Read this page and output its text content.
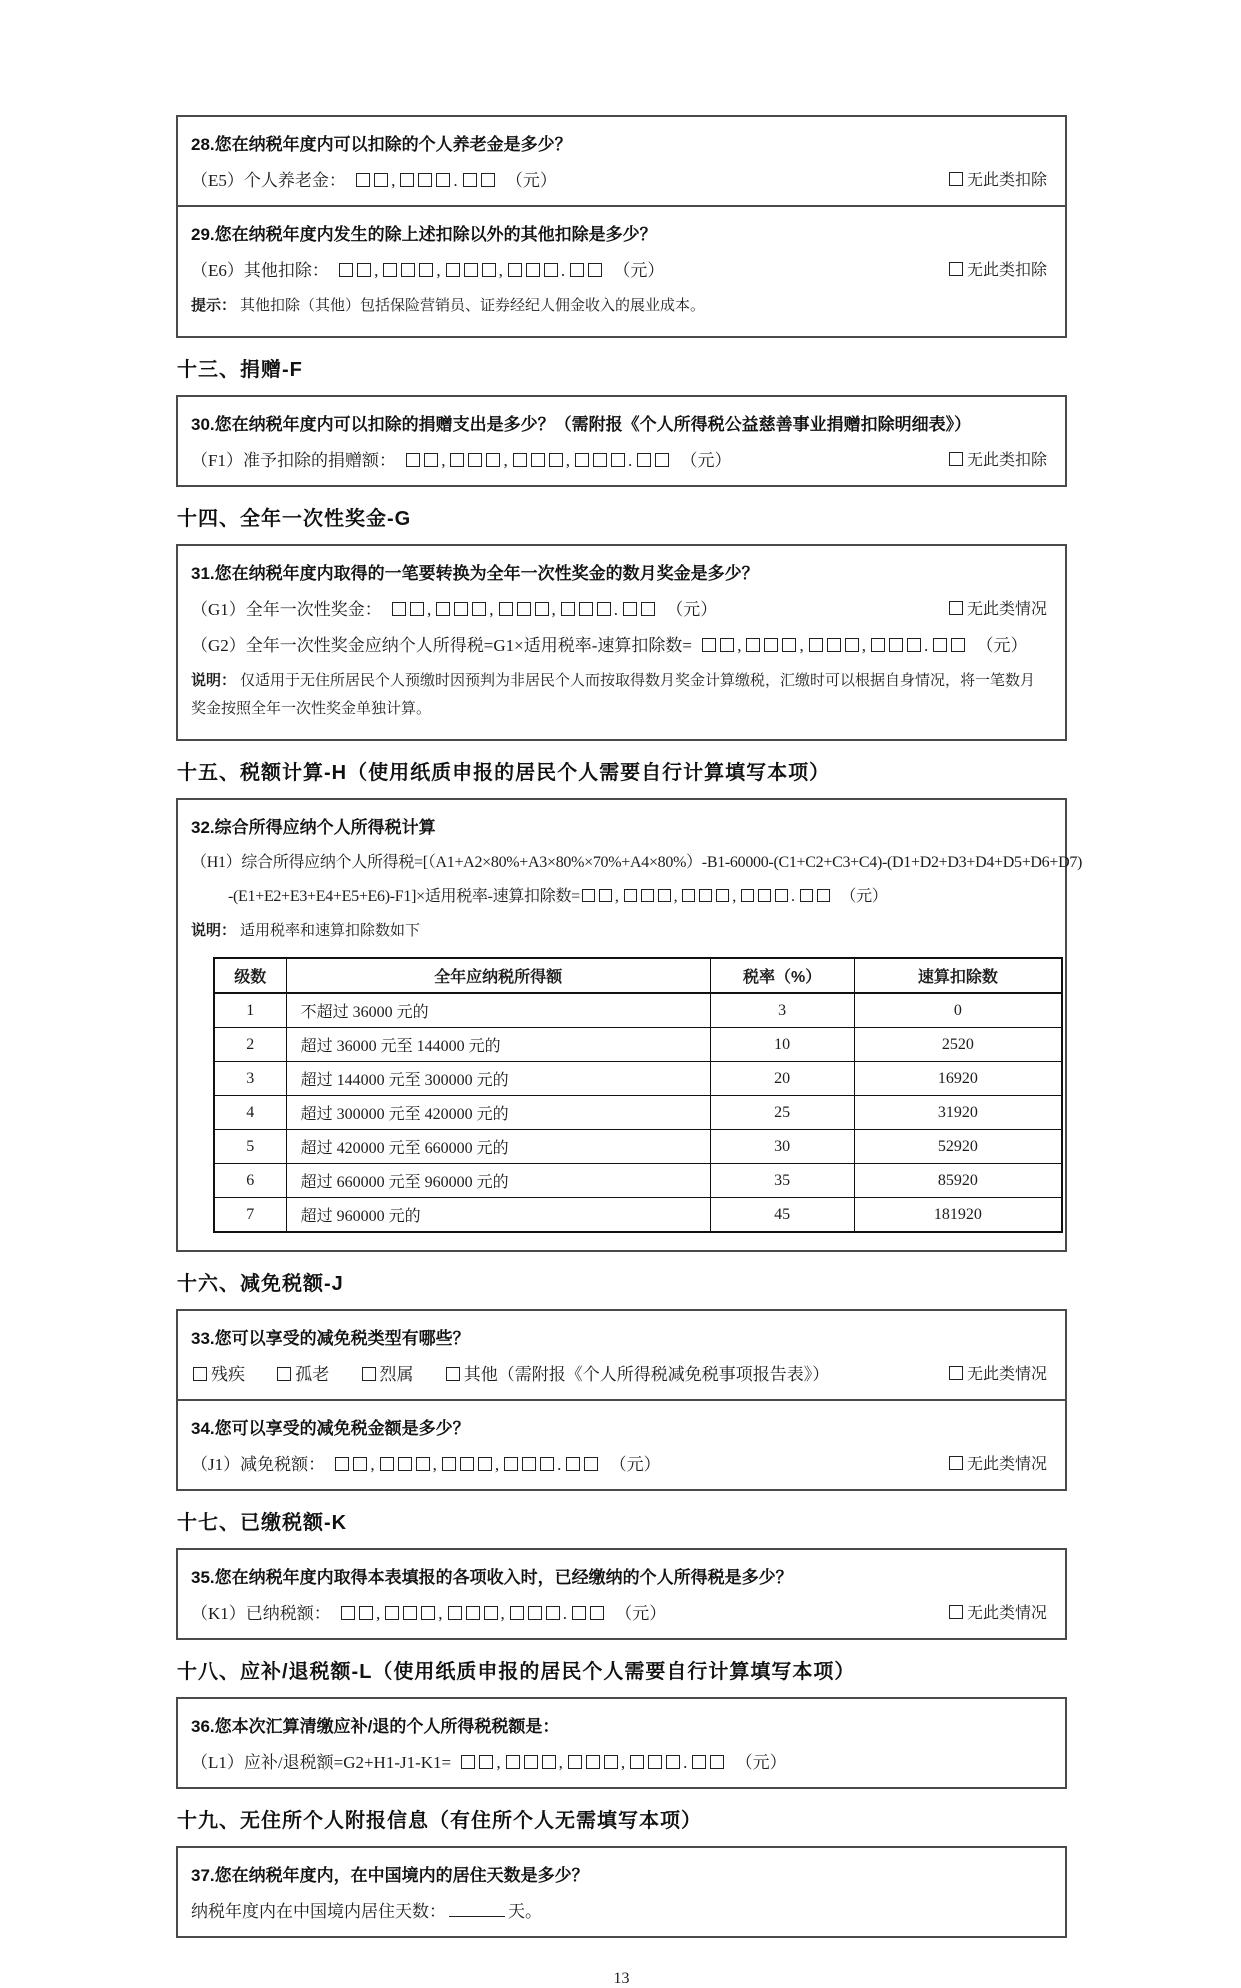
28.您在纳税年度内可以扣除的个人养老金是多少？
（E5）个人养老金：	,	.	（元）	无此类扣除
29.您在纳税年度内发生的除上述扣除以外的其他扣除是多少？
（E6）其他扣除：	,	,	,	.	（元）	无此类扣除
提示： 其他扣除（其他）包括保险营销员、证券经纪人佣金收入的展业成本。
十三、捐赠-F
30.您在纳税年度内可以扣除的捐赠支出是多少？（需附报《个人所得税公益慈善事业捐赠扣除明细表》）
（F1）准予扣除的捐赠额：	,	,	,	.	（元）	无此类扣除
十四、全年一次性奖金-G
31.您在纳税年度内取得的一笔要转换为全年一次性奖金的数月奖金是多少？
（G1）全年一次性奖金：	,	,	,	.	（元）	无此类情况
（G2）全年一次性奖金应纳个人所得税=G1×适用税率-速算扣除数=	,	,	,	.	（元）
说明： 仅适用于无住所居民个人预缴时因预判为非居民个人而按取得数月奖金计算缴税，汇缴时可以根据自身情况，将一笔数月奖金按照全年一次性奖金单独计算。
十五、税额计算-H（使用纸质申报的居民个人需要自行计算填写本项）
32.综合所得应纳个人所得税计算
（H1）综合所得应纳个人所得税=[（A1+A2×80%+A3×80%×70%+A4×80%）-B1-60000-(C1+C2+C3+C4)-(D1+D2+D3+D4+D5+D6+D7)
-(E1+E2+E3+E4+E5+E6)-F1]×适用税率-速算扣除数= ,	,	,	.	（元）
说明： 适用税率和速算扣除数如下
级数	全年应纳税所得额	税率（%）	速算扣除数
1	不超过 36000 元的	3	0
2	超过 36000 元至 144000 元的	10	2520
3	超过 144000 元至 300000 元的	20	16920
4	超过 300000 元至 420000 元的	25	31920
5	超过 420000 元至 660000 元的	30	52920
6	超过 660000 元至 960000 元的	35	85920
7	超过 960000 元的	45	181920
十六、减免税额-J
33.您可以享受的减免税类型有哪些？
残疾	孤老	烈属	其他（需附报《个人所得税减免税事项报告表》）	无此类情况
34.您可以享受的减免税金额是多少？
（J1）减免税额：	,	,	,	.	（元）	无此类情况
十七、已缴税额-K
35.您在纳税年度内取得本表填报的各项收入时，已经缴纳的个人所得税是多少？
（K1）已纳税额：	,	,	,	.	（元）	无此类情况
十八、应补/退税额-L（使用纸质申报的居民个人需要自行计算填写本项）
36.您本次汇算清缴应补/退的个人所得税税额是：
（L1）应补/退税额=G2+H1-J1-K1=	,	,	,	.	（元）
十九、无住所个人附报信息（有住所个人无需填写本项）
37.您在纳税年度内，在中国境内的居住天数是多少？
纳税年度内在中国境内居住天数：	天。
13
